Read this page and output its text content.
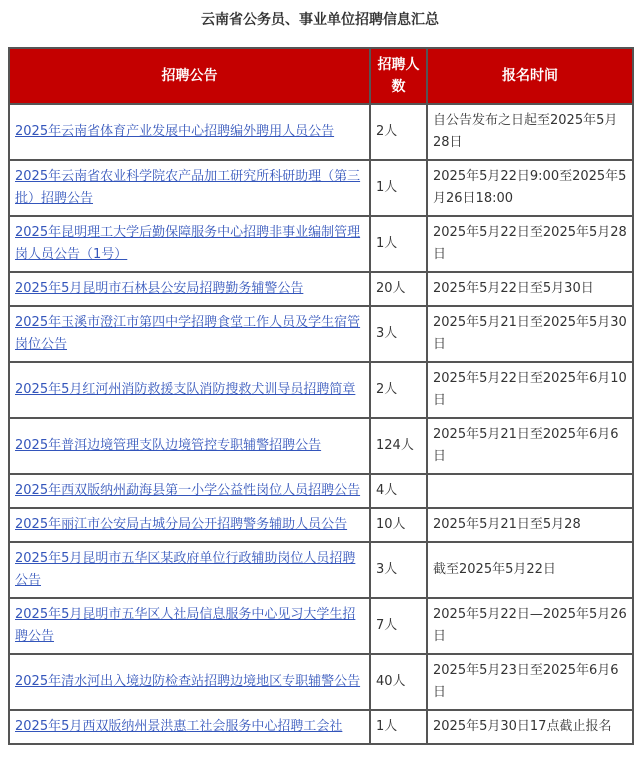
云南省公务员、事业单位招聘信息汇总
招聘公告	招聘人数	报名时间
2025年云南省体育产业发展中心招聘编外聘用人员公告	2人	自公告发布之日起至2025年5月28日
2025年云南省农业科学院农产品加工研究所科研助理（第三批）招聘公告	1人	2025年5月22日9:00至2025年5月26日18:00
2025年昆明理工大学后勤保障服务中心招聘非事业编制管理岗人员公告（1号）	1人	2025年5月22日至2025年5月28日
2025年5月昆明市石林县公安局招聘勤务辅警公告	20人	2025年5月22日至5月30日
2025年玉溪市澄江市第四中学招聘食堂工作人员及学生宿管岗位公告	3人	2025年5月21日至2025年5月30日
2025年5月红河州消防救援支队消防搜救犬训导员招聘简章	2人	2025年5月22日至2025年6月10日
2025年普洱边境管理支队边境管控专职辅警招聘公告	124人	2025年5月21日至2025年6月6日
2025年西双版纳州勐海县第一小学公益性岗位人员招聘公告	4人	
2025年丽江市公安局古城分局公开招聘警务辅助人员公告	10人	2025年5月21日至5月28
2025年5月昆明市五华区某政府单位行政辅助岗位人员招聘公告	3人	截至2025年5月22日
2025年5月昆明市五华区人社局信息服务中心见习大学生招聘公告	7人	2025年5月22日—2025年5月26日
2025年清水河出入境边防检查站招聘边境地区专职辅警公告	40人	2025年5月23日至2025年6月6日
2025年5月西双版纳州景洪惠工社会服务中心招聘工会社	1人	2025年5月30日17点截止报名
